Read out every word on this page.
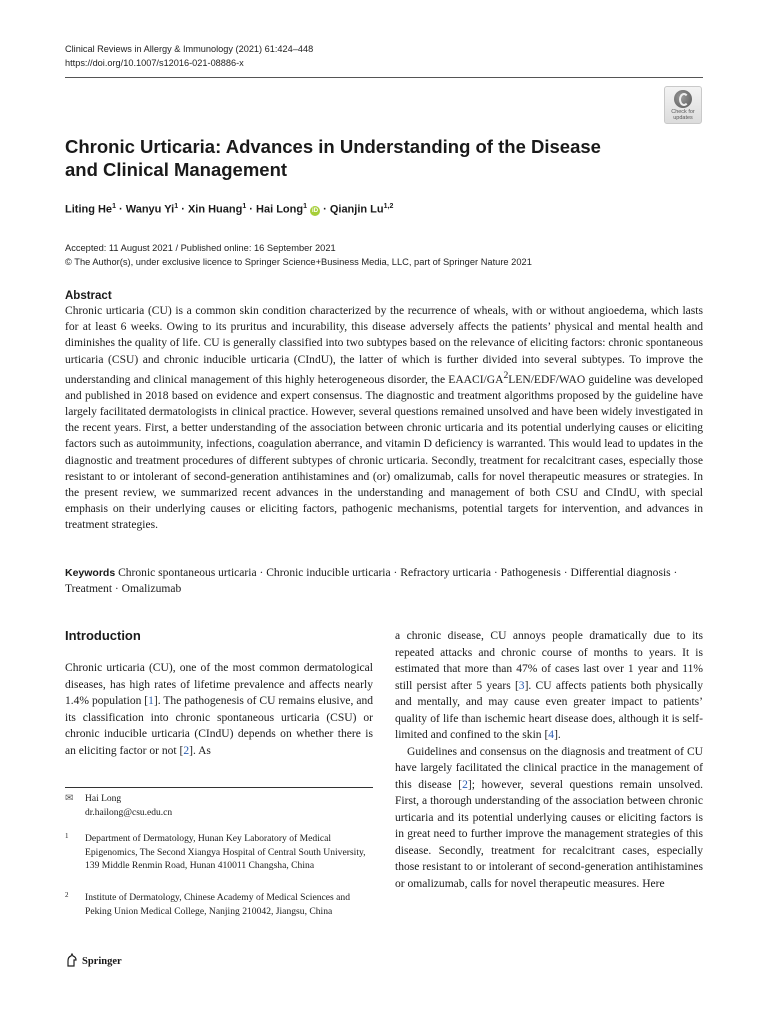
Clinical Reviews in Allergy & Immunology (2021) 61:424–448
https://doi.org/10.1007/s12016-021-08886-x
Check for
updates
Chronic Urticaria: Advances in Understanding of the Disease and Clinical Management
Liting $He^1$ · Wanyu $Yi^1$ · Xin Huang$^1$ · Hai Long$^1$ iD · Qianjin Lu$^{1,2}$
Accepted: 11 August 2021 / Published online: 16 September 2021
© The Author(s), under exclusive licence to Springer Science+Business Media, LLC, part of Springer Nature 2021
Abstract
Chronic urticaria (CU) is a common skin condition characterized by the recurrence of wheals, with or without angioedema, which lasts for at least 6 weeks. Owing to its pruritus and incurability, this disease adversely affects the patients’ physical and mental health and diminishes the quality of life. CU is generally classified into two subtypes based on the relevance of eliciting factors: chronic spontaneous urticaria (CSU) and chronic inducible urticaria (CIndU), the latter of which is further divided into several subtypes. To improve the understanding and clinical management of this highly heterogeneous disorder, the EAACI/$GA^2LEN/EDF$/WAO guideline was developed and published in 2018 based on evidence and expert consensus. The diagnostic and treatment algorithms proposed by the guideline have largely facilitated dermatologists in clinical practice. However, several questions remained unsolved and have been widely investigated in the recent years. First, a better understanding of the association between chronic urticaria and its potential underlying causes or eliciting factors such as autoimmunity, infections, coagulation aberrance, and vitamin D deficiency is warranted. This would lead to updates in the diagnostic and treatment procedures of different subtypes of chronic urticaria. Secondly, treatment for recalcitrant cases, especially those resistant to or intolerant of second-generation antihistamines and (or) omalizumab, calls for novel therapeutic measures or strategies. In the present review, we summarized recent advances in the understanding and management of both CSU and CIndU, with special emphasis on their underlying causes or eliciting factors, pathogenic mechanisms, potential targets for intervention, and advances in treatment strategies.
Keywords Chronic spontaneous urticaria · Chronic inducible urticaria · Refractory urticaria · Pathogenesis · Differential diagnosis · Treatment · Omalizumab
Introduction

Chronic urticaria (CU), one of the most common dermatological diseases, has high rates of lifetime prevalence and affects nearly 1.4% population [1]. The pathogenesis of CU remains elusive, and its classification into chronic spontaneous urticaria (CSU) or chronic inducible urticaria (CIndU) depends on whether there is an eliciting factor or not [2]. As

a chronic disease, CU annoys people dramatically due to its repeated attacks and chronic course of months to years. It is estimated that more than 47% of cases last over 1 year and 11% still persist after 5 years [3]. CU affects patients both physically and mentally, and may cause even greater impact to patients’ quality of life than ischemic heart disease does, although it is self-limited and confined to the skin [4].

Guidelines and consensus on the diagnosis and treatment of CU have largely facilitated the clinical practice in the management of this disease [2]; however, several questions remain unsolved. First, a thorough understanding of the association between chronic urticaria and its potential underlying causes or eliciting factors is in great need to further improve the management strategies of this disease. Secondly, treatment for recalcitrant cases, especially those resistant to or intolerant of second-generation antihistamines or omalizumab, calls for novel therapeutic measures. Here

✉ Hai Long
dr.hailong@csu.edu.cn
1 Department of Dermatology, Hunan Key Laboratory of Medical Epigenomics, The Second Xiangya Hospital of Central South University, 139 Middle Renmin Road, Hunan 410011 Changsha, China
2 Institute of Dermatology, Chinese Academy of Medical Sciences and Peking Union Medical College, Nanjing 210042, Jiangsu, China
Springer
